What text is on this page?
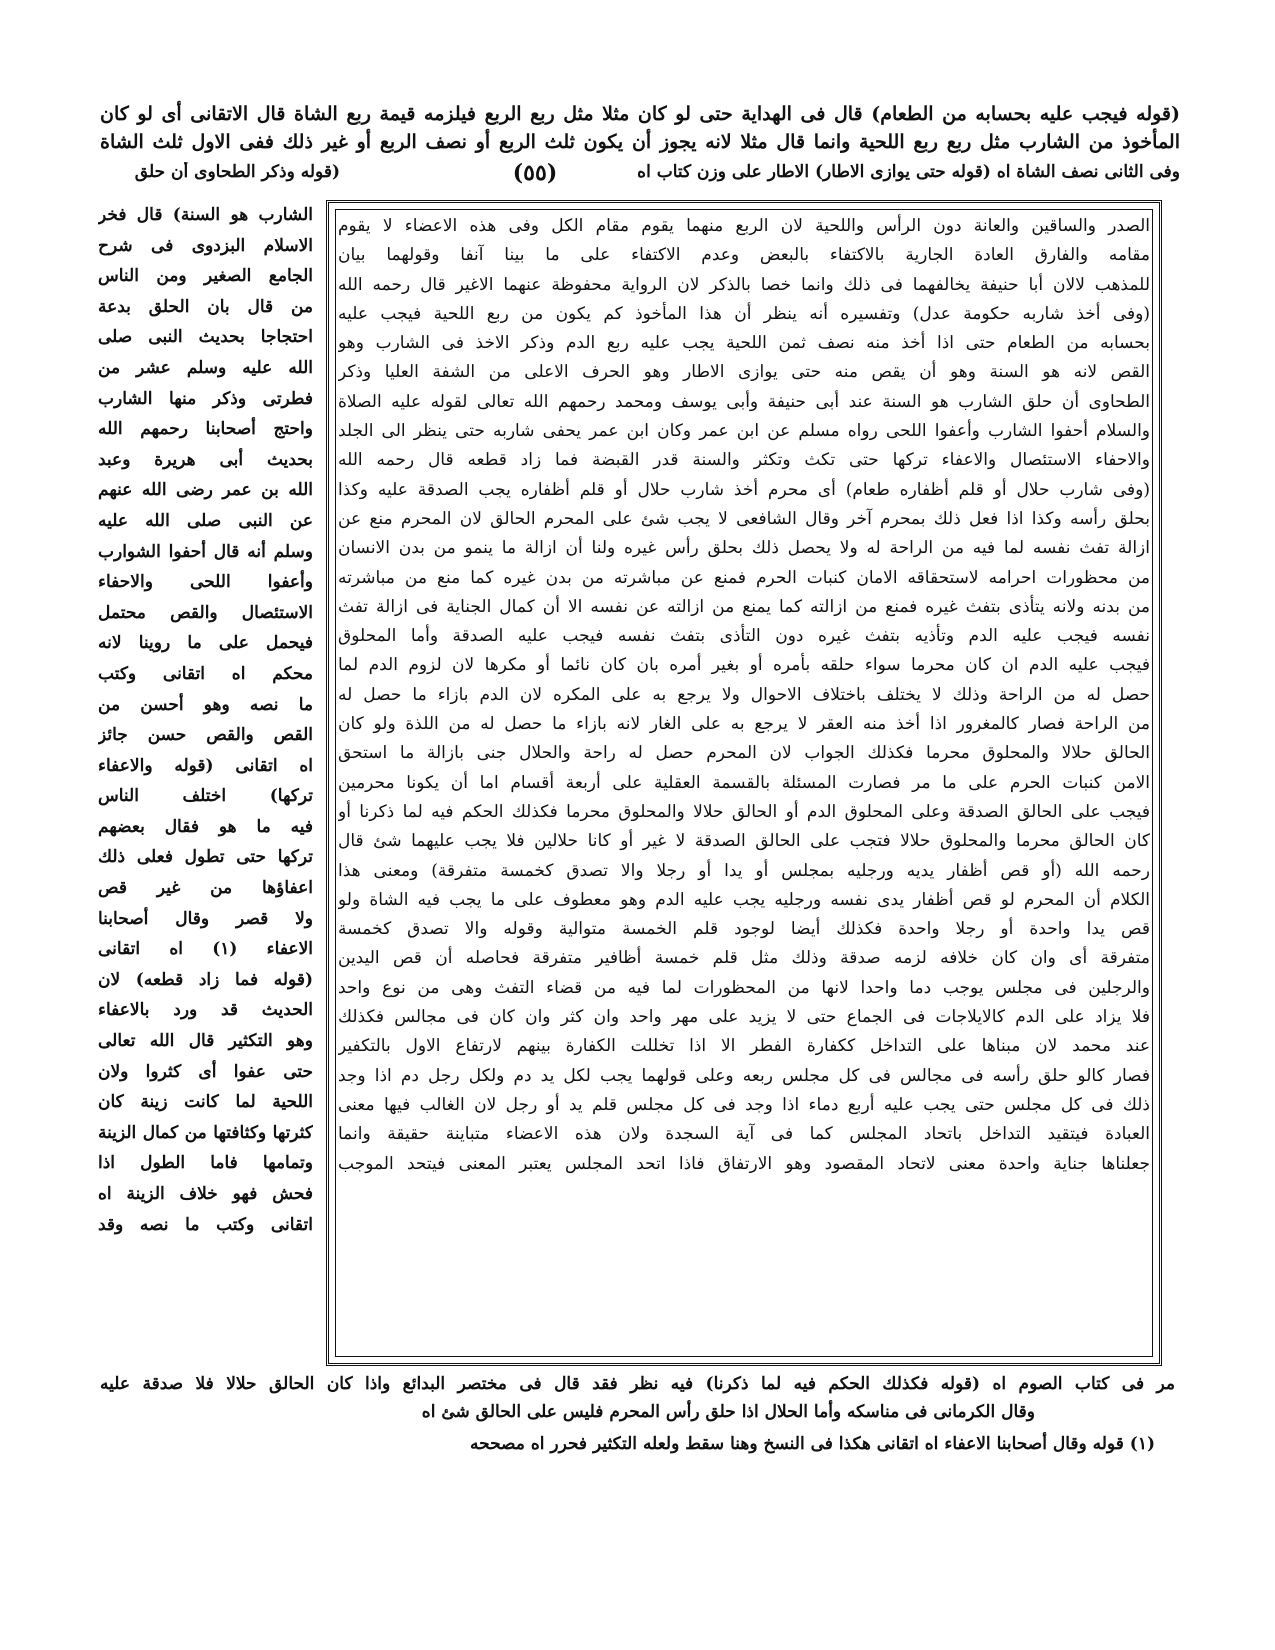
(قوله فيجب عليه بحسابه من الطعام) قال فى الهداية حتى لو كان مثلا مثل ربع الربع فيلزمه قيمة ربع الشاة قال الاتقانى أى لو كان
المأخوذ من الشارب مثل ربع ربع اللحية وانما قال مثلا لانه يجوز أن يكون ثلث الربع أو نصف الربع أو غير ذلك ففى الاول ثلث الشاة
وفى الثانى نصف الشاة اه (قوله حتى يوازى الاطار) الاطار على وزن كتاب اه
(٥٥)
(قوله وذكر الطحاوى أن حلق
الصدر والساقين والعانة دون الرأس واللحية لان الربع منهما يقوم مقام الكل وفى هذه الاعضاء لا يقوم
مقامه والفارق العادة الجارية بالاكتفاء بالبعض وعدم الاكتفاء على ما بينا آنفا وقولهما بيان
للمذهب لالان أبا حنيفة يخالفهما فى ذلك وانما خصا بالذكر لان الرواية محفوظة عنهما الاغير قال رحمه الله
(وفى أخذ شاربه حكومة عدل) وتفسيره أنه ينظر أن هذا المأخوذ كم يكون من ربع اللحية فيجب عليه
بحسابه من الطعام حتى اذا أخذ منه نصف ثمن اللحية يجب عليه ربع الدم وذكر الاخذ فى الشارب وهو
القص لانه هو السنة وهو أن يقص منه حتى يوازى الاطار وهو الحرف الاعلى من الشفة العليا وذكر
الطحاوى أن حلق الشارب هو السنة عند أبى حنيفة وأبى يوسف ومحمد رحمهم الله تعالى لقوله عليه الصلاة
والسلام أحفوا الشارب وأعفوا اللحى رواه مسلم عن ابن عمر وكان ابن عمر يحفى شاربه حتى ينظر الى الجلد
والاحفاء الاستئصال والاعفاء تركها حتى تكث وتكثر والسنة قدر القبضة فما زاد قطعه قال رحمه الله
(وفى شارب حلال أو قلم أظفاره طعام) أى محرم أخذ شارب حلال أو قلم أظفاره يجب الصدقة عليه وكذا
بحلق رأسه وكذا اذا فعل ذلك بمحرم آخر وقال الشافعى لا يجب شئ على المحرم الحالق لان المحرم منع عن
ازالة تفث نفسه لما فيه من الراحة له ولا يحصل ذلك بحلق رأس غيره ولنا أن ازالة ما ينمو من بدن الانسان
من محظورات احرامه لاستحقاقه الامان كنبات الحرم فمنع عن مباشرته من بدن غيره كما منع من مباشرته
من بدنه ولانه يتأذى بتفث غيره فمنع من ازالته كما يمنع من ازالته عن نفسه الا أن كمال الجناية فى ازالة تفث
نفسه فيجب عليه الدم وتأذيه بتفث غيره دون التأذى بتفث نفسه فيجب عليه الصدقة وأما المحلوق
فيجب عليه الدم ان كان محرما سواء حلقه بأمره أو بغير أمره بان كان نائما أو مكرها لان لزوم الدم لما
حصل له من الراحة وذلك لا يختلف باختلاف الاحوال ولا يرجع به على المكره لان الدم بازاء ما حصل له
من الراحة فصار كالمغرور اذا أخذ منه العقر لا يرجع به على الغار لانه بازاء ما حصل له من اللذة ولو كان
الحالق حلالا والمحلوق محرما فكذلك الجواب لان المحرم حصل له راحة والحلال جنى بازالة ما استحق
الامن كنبات الحرم على ما مر فصارت المسئلة بالقسمة العقلية على أربعة أقسام اما أن يكونا محرمين
فيجب على الحالق الصدقة وعلى المحلوق الدم أو الحالق حلالا والمحلوق محرما فكذلك الحكم فيه لما ذكرنا أو
كان الحالق محرما والمحلوق حلالا فتجب على الحالق الصدقة لا غير أو كانا حلالين فلا يجب عليهما شئ قال
رحمه الله (أو قص أظفار يديه ورجليه بمجلس أو يدا أو رجلا والا تصدق كخمسة متفرقة) ومعنى هذا
الكلام أن المحرم لو قص أظفار يدى نفسه ورجليه يجب عليه الدم وهو معطوف على ما يجب فيه الشاة ولو
قص يدا واحدة أو رجلا واحدة فكذلك أيضا لوجود قلم الخمسة متوالية وقوله والا تصدق كخمسة
متفرقة أى وان كان خلافه لزمه صدقة وذلك مثل قلم خمسة أظافير متفرقة فحاصله أن قص اليدين
والرجلين فى مجلس يوجب دما واحدا لانها من المحظورات لما فيه من قضاء التفث وهى من نوع واحد
فلا يزاد على الدم كالايلاجات فى الجماع حتى لا يزيد على مهر واحد وان كثر وان كان فى مجالس فكذلك
عند محمد لان مبناها على التداخل ككفارة الفطر الا اذا تخللت الكفارة بينهم لارتفاع الاول بالتكفير
فصار كالو حلق رأسه فى مجالس فى كل مجلس ربعه وعلى قولهما يجب لكل يد دم ولكل رجل دم اذا وجد
ذلك فى كل مجلس حتى يجب عليه أربع دماء اذا وجد فى كل مجلس قلم يد أو رجل لان الغالب فيها معنى
العبادة فيتقيد التداخل باتحاد المجلس كما فى آية السجدة ولان هذه الاعضاء متباينة حقيقة وانما
جعلناها جناية واحدة معنى لاتحاد المقصود وهو الارتفاق فاذا اتحد المجلس يعتبر المعنى فيتحد الموجب
الشارب هو السنة) قال فخر
الاسلام البزدوى فى شرح
الجامع الصغير ومن الناس
من قال بان الحلق بدعة
احتجاجا بحديث النبى صلى
الله عليه وسلم عشر من
فطرتى وذكر منها الشارب
واحتج أصحابنا رحمهم الله
بحديث أبى هريرة وعبد
الله بن عمر رضى الله عنهم
عن النبى صلى الله عليه
وسلم أنه قال أحفوا الشوارب
وأعفوا اللحى والاحفاء
الاستئصال والقص محتمل
فيحمل على ما روينا لانه
محكم اه اتقانى وكتب
ما نصه وهو أحسن من
القص والقص حسن جائز
اه اتقانى (قوله والاعفاء
تركها) اختلف الناس
فيه ما هو فقال بعضهم
تركها حتى تطول فعلى ذلك
اعفاؤها من غير قص
ولا قصر وقال أصحابنا
الاعفاء (١) اه اتقانى
(قوله فما زاد قطعه) لان
الحديث قد ورد بالاعفاء
وهو التكثير قال الله تعالى
حتى عفوا أى كثروا ولان
اللحية لما كانت زينة كان
كثرتها وكثافتها من كمال الزينة
وتمامها فاما الطول اذا
فحش فهو خلاف الزينة اه
اتقانى وكتب ما نصه وقد
مر فى كتاب الصوم اه (قوله فكذلك الحكم فيه لما ذكرنا) فيه نظر فقد قال فى مختصر البدائع واذا كان الحالق حلالا فلا صدقة عليه
وقال الكرمانى فى مناسكه وأما الحلال اذا حلق رأس المحرم فليس على الحالق شئ اه
(١) قوله وقال أصحابنا الاعفاء اه اتقانى هكذا فى النسخ وهنا سقط ولعله التكثير فحرر اه مصححه
